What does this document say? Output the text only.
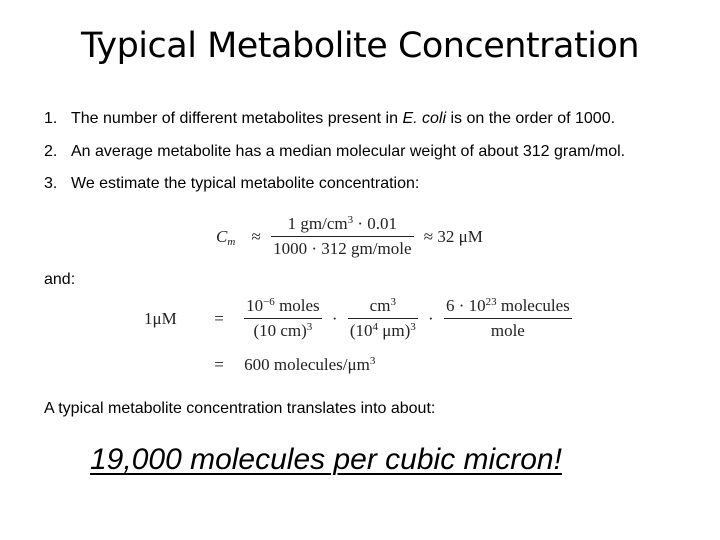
Typical Metabolite Concentration
1. The number of different metabolites present in E. coli is on the order of 1000.
2. An average metabolite has a median molecular weight of about 312 gram/mol.
3. We estimate the typical metabolite concentration:
$C_m \approx \frac{1 gm/cm^3 \cdot 0.01}{\text{1000 · 312 gm/mole}} \approx 32$ μM
and:
$1\mu M = \frac{10^{-6} moles}{(10 cm)^3} \cdot \frac{cm^3}{(10^4 \mu m)^3} \cdot \frac{6 \cdot 10^{23} molecules}{\text{mole}}$
= 600 molecules/$\mu m^3$
A typical metabolite concentration translates into about:
19,000 molecules per cubic micron!
